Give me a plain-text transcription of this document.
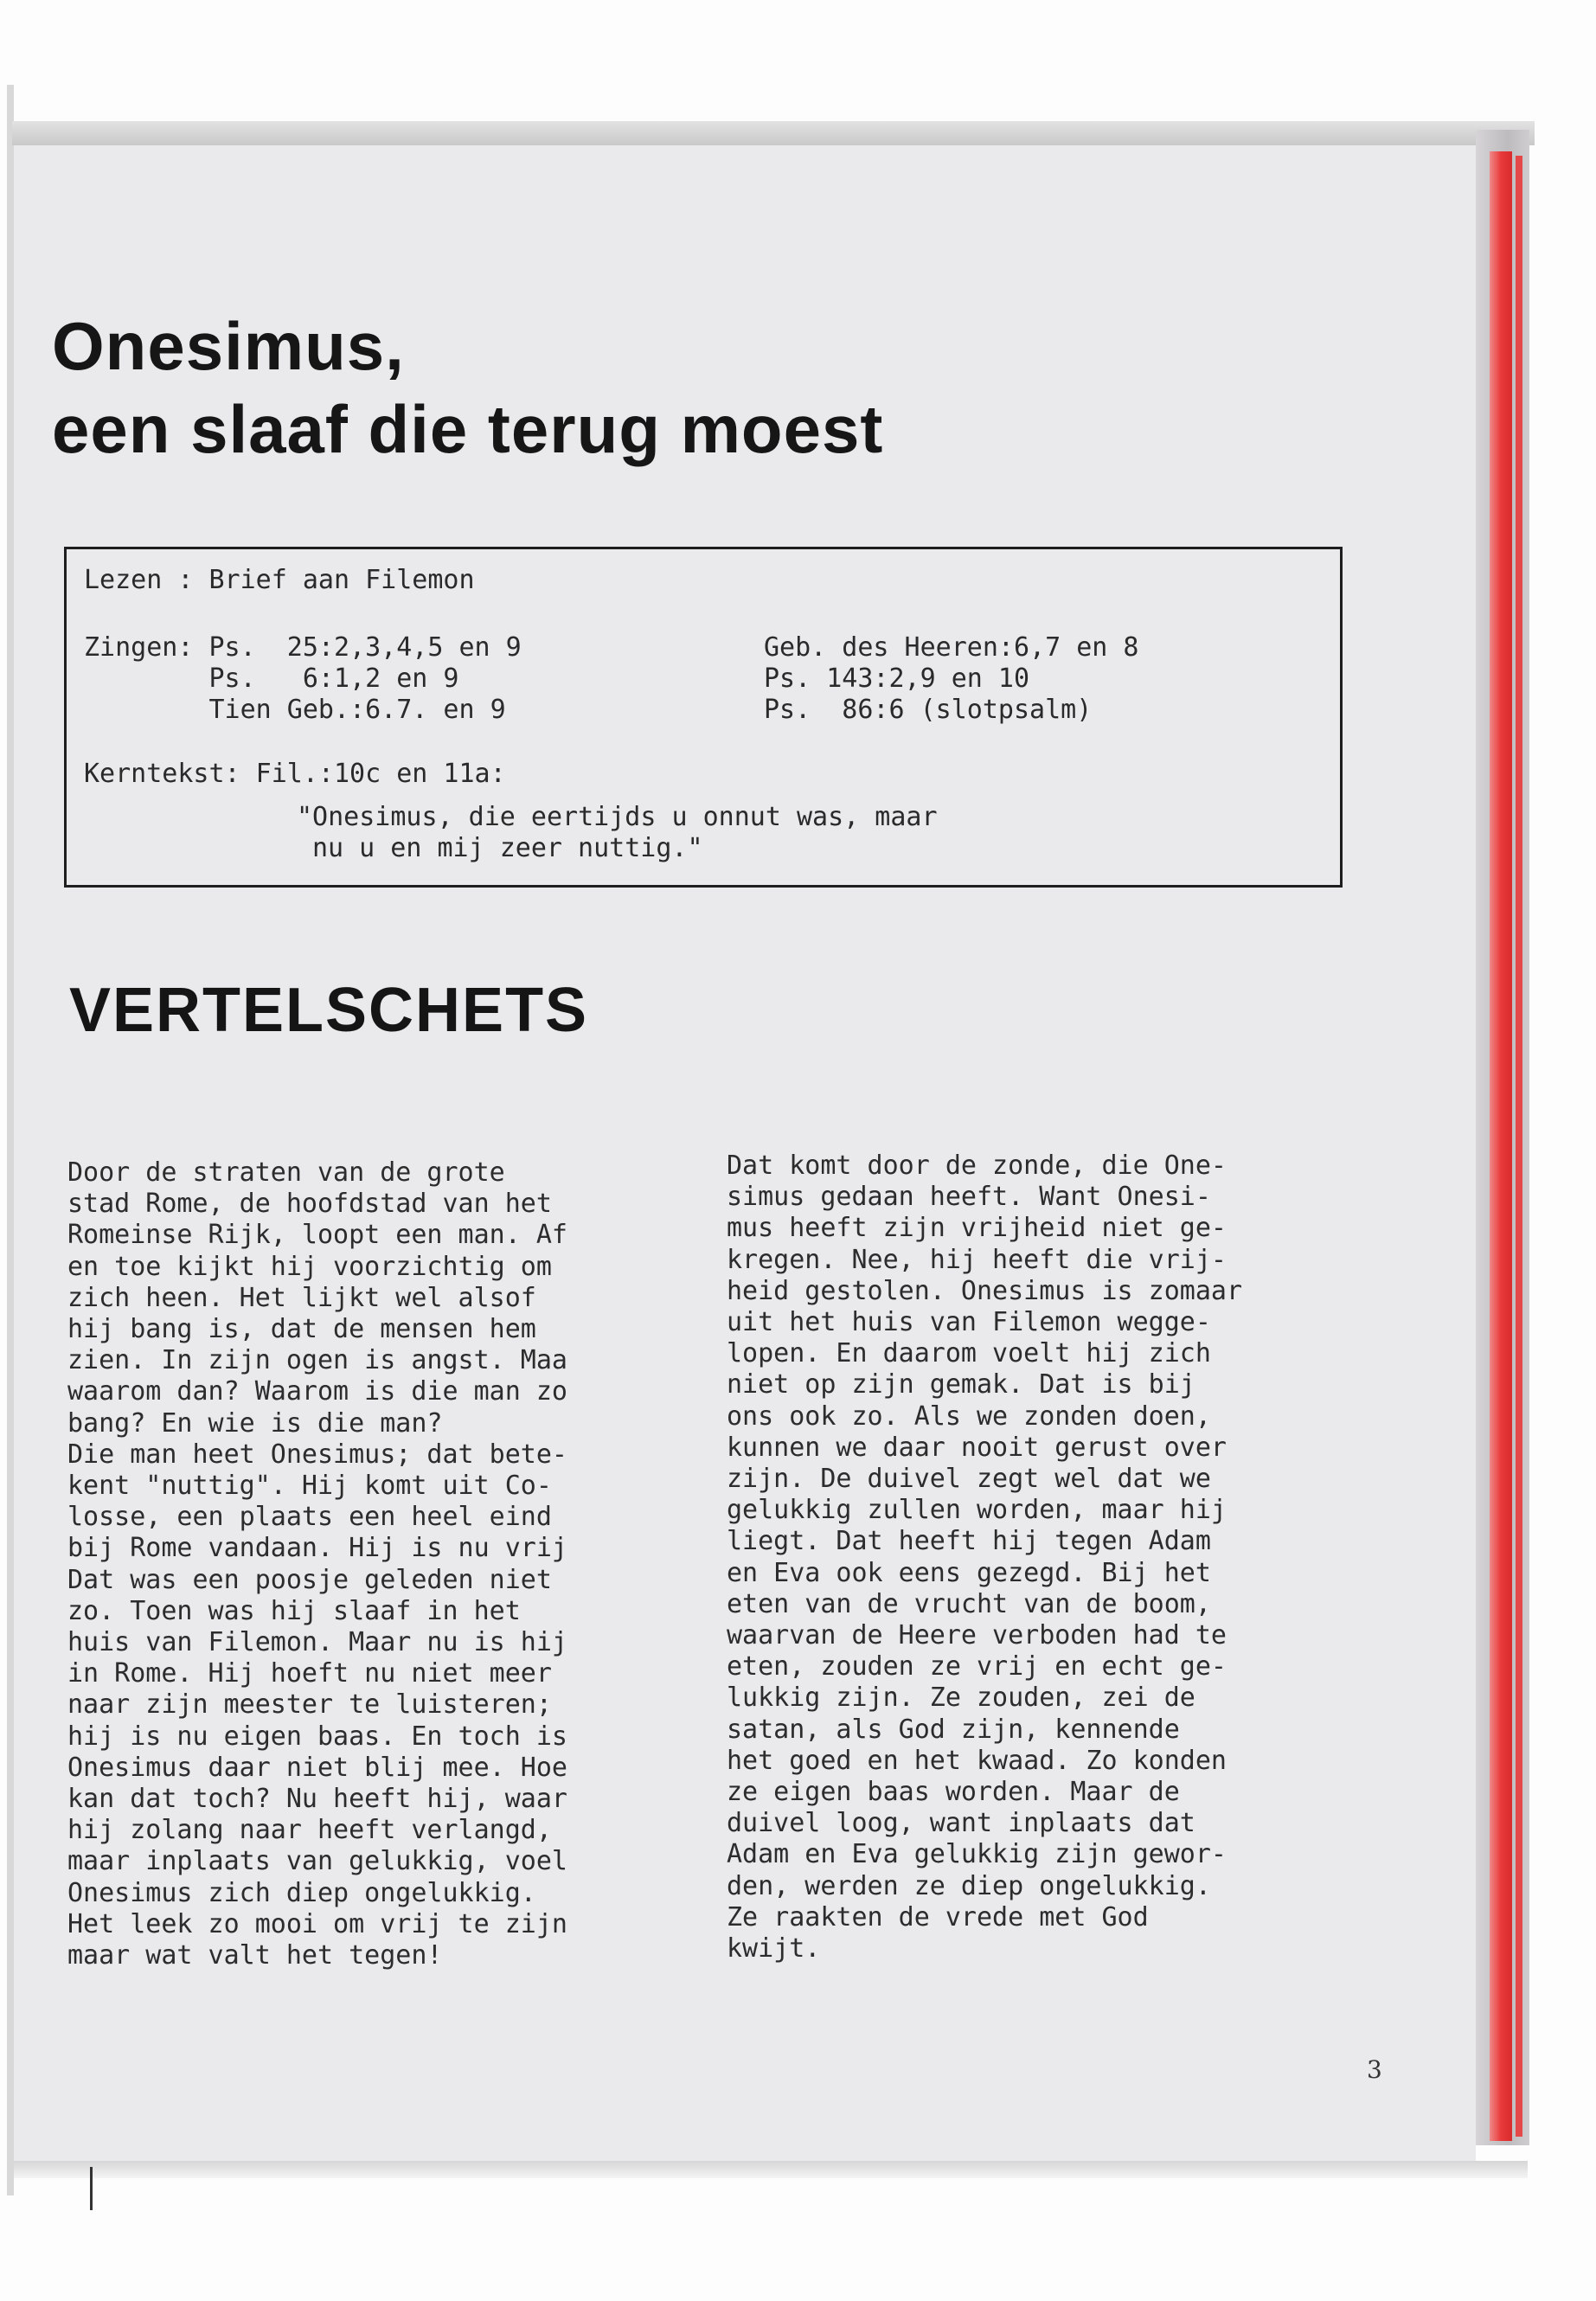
Onesimus,
een slaaf die terug moest
Lezen : Brief aan Filemon
Zingen: Ps.  25:2,3,4,5 en 9
Ps.   6:1,2 en 9
Tien Geb.:6.7. en 9
Geb. des Heeren:6,7 en 8
Ps. 143:2,9 en 10
Ps.  86:6 (slotpsalm)
Kerntekst: Fil.:10c en 11a:
"Onesimus, die eertijds u onnut was, maar
nu u en mij zeer nuttig."
VERTELSCHETS
Door de straten van de grote
stad Rome, de hoofdstad van het
Romeinse Rijk, loopt een man. Af
en toe kijkt hij voorzichtig om
zich heen. Het lijkt wel alsof
hij bang is, dat de mensen hem
zien. In zijn ogen is angst. Maa
waarom dan? Waarom is die man zo
bang? En wie is die man?
Die man heet Onesimus; dat bete-
kent "nuttig". Hij komt uit Co-
losse, een plaats een heel eind
bij Rome vandaan. Hij is nu vrij
Dat was een poosje geleden niet
zo. Toen was hij slaaf in het
huis van Filemon. Maar nu is hij
in Rome. Hij hoeft nu niet meer
naar zijn meester te luisteren;
hij is nu eigen baas. En toch is
Onesimus daar niet blij mee. Hoe
kan dat toch? Nu heeft hij, waar
hij zolang naar heeft verlangd,
maar inplaats van gelukkig, voel
Onesimus zich diep ongelukkig.
Het leek zo mooi om vrij te zijn
maar wat valt het tegen!
Dat komt door de zonde, die One-
simus gedaan heeft. Want Onesi-
mus heeft zijn vrijheid niet ge-
kregen. Nee, hij heeft die vrij-
heid gestolen. Onesimus is zomaar
uit het huis van Filemon wegge-
lopen. En daarom voelt hij zich
niet op zijn gemak. Dat is bij
ons ook zo. Als we zonden doen,
kunnen we daar nooit gerust over
zijn. De duivel zegt wel dat we
gelukkig zullen worden, maar hij
liegt. Dat heeft hij tegen Adam
en Eva ook eens gezegd. Bij het
eten van de vrucht van de boom,
waarvan de Heere verboden had te
eten, zouden ze vrij en echt ge-
lukkig zijn. Ze zouden, zei de
satan, als God zijn, kennende
het goed en het kwaad. Zo konden
ze eigen baas worden. Maar de
duivel loog, want inplaats dat
Adam en Eva gelukkig zijn gewor-
den, werden ze diep ongelukkig.
Ze raakten de vrede met God
kwijt.
3
